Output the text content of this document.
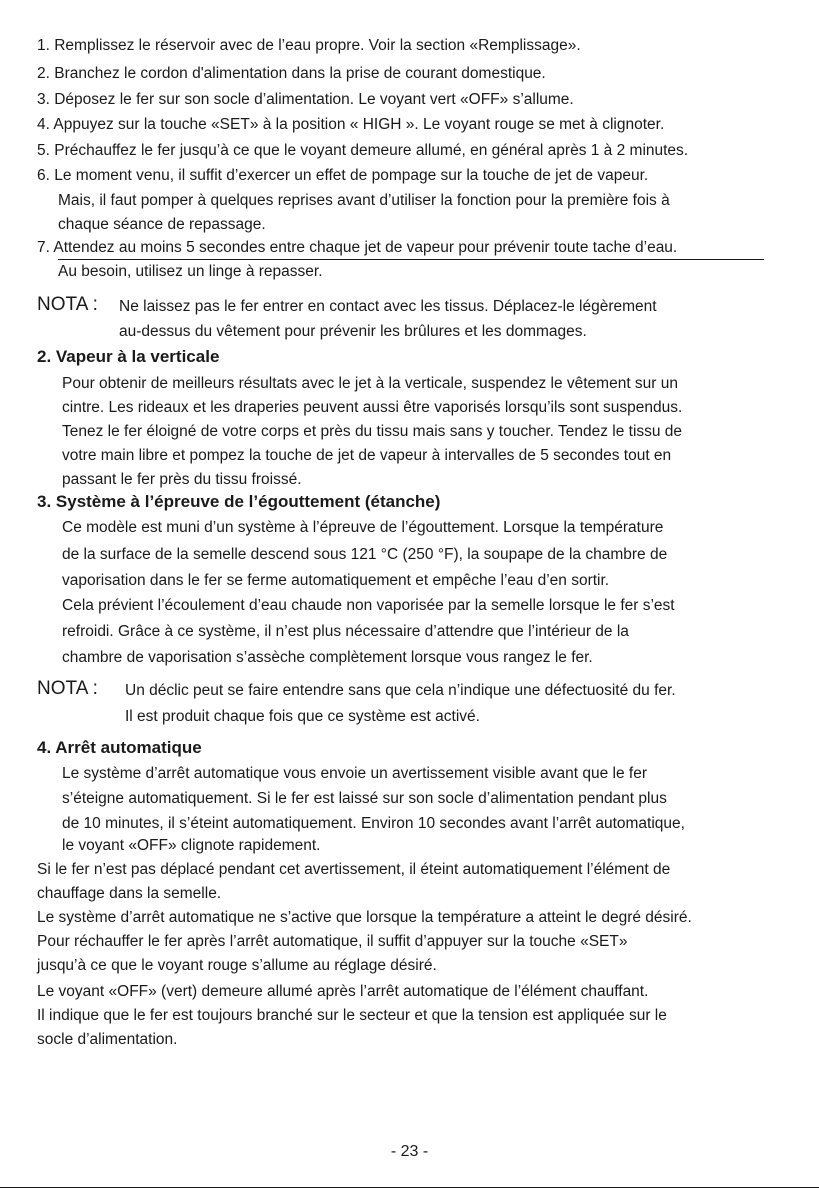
1. Remplissez le réservoir avec de l’eau propre. Voir la section «Remplissage».
2. Branchez le cordon d'alimentation dans la prise de courant domestique.
3. Déposez le fer sur son socle d’alimentation. Le voyant vert «OFF» s’allume.
4. Appuyez sur la touche «SET» à la position « HIGH ». Le voyant rouge se met à clignoter.
5. Préchauffez le fer jusqu’à ce que le voyant demeure allumé, en général après 1 à 2 minutes.
6. Le moment venu, il suffit d’exercer un effet de pompage sur la touche de jet de vapeur.
Mais, il faut pomper à quelques reprises avant d’utiliser la fonction pour la première fois à
chaque séance de repassage.
7. Attendez au moins 5 secondes entre chaque jet de vapeur pour prévenir toute tache d’eau.
Au besoin, utilisez un linge à repasser.
NOTA : Ne laissez pas le fer entrer en contact avec les tissus. Déplacez-le légèrement
au-dessus du vêtement pour prévenir les brûlures et les dommages.
2. Vapeur à la verticale
Pour obtenir de meilleurs résultats avec le jet à la verticale, suspendez le vêtement sur un
cintre. Les rideaux et les draperies peuvent aussi être vaporisés lorsqu’ils sont suspendus.
Tenez le fer éloigné de votre corps et près du tissu mais sans y toucher. Tendez le tissu de
votre main libre et pompez la touche de jet de vapeur à intervalles de 5 secondes tout en
passant le fer près du tissu froissé.
3. Système à l’épreuve de l’égouttement (étanche)
Ce modèle est muni d’un système à l’épreuve de l’égouttement. Lorsque la température
de la surface de la semelle descend sous 121 °C (250 °F), la soupape de la chambre de
vaporisation dans le fer se ferme automatiquement et empêche l’eau d’en sortir.
Cela prévient l’écoulement d’eau chaude non vaporisée par la semelle lorsque le fer s’est
refroidi. Grâce à ce système, il n’est plus nécessaire d’attendre que l’intérieur de la
chambre de vaporisation s’assèche complètement lorsque vous rangez le fer.
NOTA : Un déclic peut se faire entendre sans que cela n’indique une défectuosité du fer.
Il est produit chaque fois que ce système est activé.
4. Arrêt automatique
Le système d’arrêt automatique vous envoie un avertissement visible avant que le fer
s’éteigne automatiquement. Si le fer est laissé sur son socle d’alimentation pendant plus
de 10 minutes, il s’éteint automatiquement. Environ 10 secondes avant l’arrêt automatique,
le voyant «OFF» clignote rapidement.
Si le fer n’est pas déplacé pendant cet avertissement, il éteint automatiquement l’élément de
chauffage dans la semelle.
Le système d’arrêt automatique ne s’active que lorsque la température a atteint le degré désiré.
Pour réchauffer le fer après l’arrêt automatique, il suffit d’appuyer sur la touche «SET»
jusqu’à ce que le voyant rouge s’allume au réglage désiré.
Le voyant «OFF» (vert) demeure allumé après l’arrêt automatique de l’élément chauffant.
Il indique que le fer est toujours branché sur le secteur et que la tension est appliquée sur le
socle d’alimentation.
- 23 -
